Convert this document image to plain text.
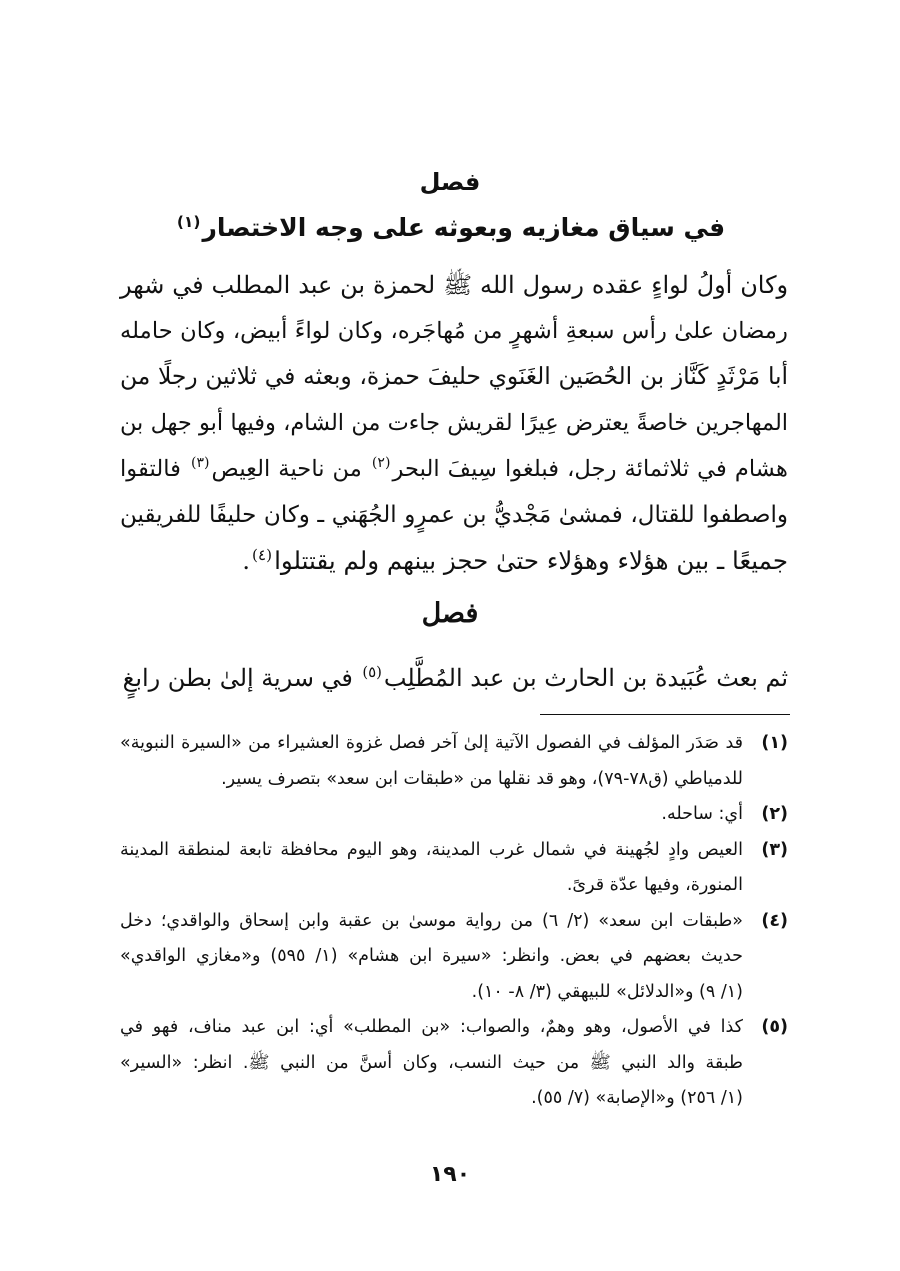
فصل
في سياق مغازيه وبعوثه على وجه الاختصار$^{(١)}$
وكان أولُ لواءٍ عقده رسول الله ﷺ لحمزة بن عبد المطلب في شهر
رمضان علىٰ رأس سبعةِ أشهرٍ من مُهاجَره، وكان لواءً أبيض، وكان حامله
أبا مَرْثَدٍ كَنَّاز بن الحُصَين الغَنَوي حليفَ حمزة، وبعثه في ثلاثين رجلًا من
المهاجرين خاصةً يعترض عِيرًا لقريش جاءت من الشام، وفيها أبو جهل بن
هشام في ثلاثمائة رجل، فبلغوا سِيفَ البحر$^{(٢)}$ من ناحية العِيص$^{(٣)}$ فالتقوا
واصطفوا للقتال، فمشىٰ مَجْديُّ بن عمرٍو الجُهَني ـ وكان حليفًا للفريقين
جميعًا ـ بين هؤلاء وهؤلاء حتىٰ حجز بينهم ولم يقتتلوا$^{(٤)}$.
فصل
ثم بعث عُبَيدة بن الحارث بن عبد المُطَّلِب$^{(٥)}$ في سرية إلىٰ بطن رابغٍ
(١)
قد صَدَر المؤلف في الفصول الآتية إلىٰ آخر فصل غزوة العشيراء من «السيرة النبوية»
للدمياطي (ق٧٨-٧٩)، وهو قد نقلها من «طبقات ابن سعد» بتصرف يسير.
(٢)
أي: ساحله.
(٣)
العيص وادٍ لجُهينة في شمال غرب المدينة، وهو اليوم محافظة تابعة لمنطقة المدينة
المنورة، وفيها عدّة قرىً.
(٤)
«طبقات ابن سعد» (٢/ ٦) من رواية موسىٰ بن عقبة وابن إسحاق والواقدي؛ دخل
حديث بعضهم في بعض. وانظر: «سيرة ابن هشام» (١/ ٥٩٥) و«مغازي الواقدي»
(١/ ٩) و«الدلائل» للبيهقي (٣/ ٨- ١٠).
(٥)
كذا في الأصول، وهو وهمٌ، والصواب: «بن المطلب» أي: ابن عبد مناف، فهو في
طبقة والد النبي ﷺ من حيث النسب، وكان أسنَّ من النبي ﷺ. انظر: «السير»
(١/ ٢٥٦) و«الإصابة» (٧/ ٥٥).
١٩٠
